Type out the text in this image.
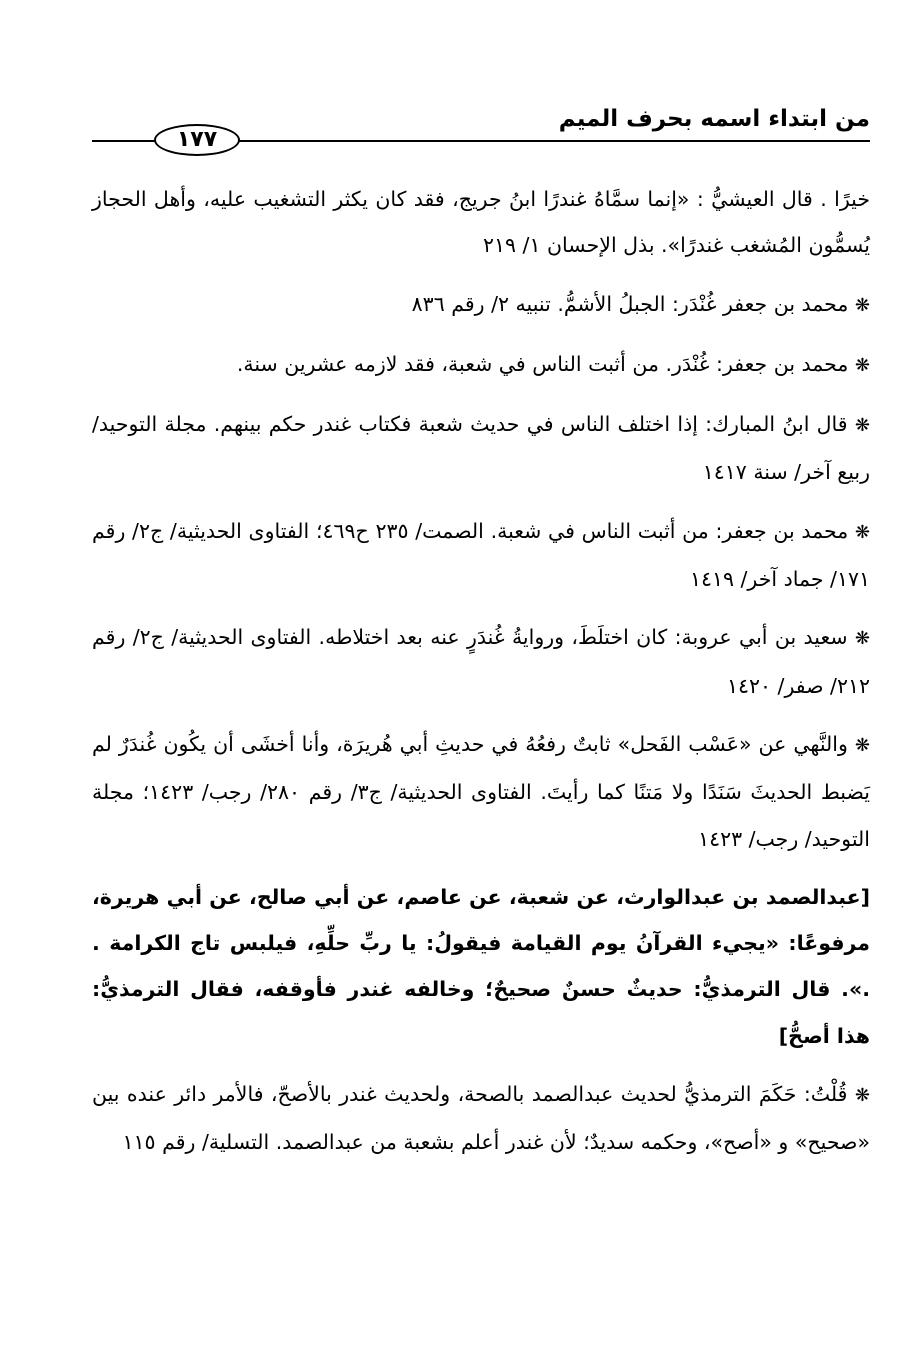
من ابتداء اسمه بحرف الميم
١٧٧

خيرًا . قال العيشيُّ : «إنما سمَّاهُ غندرًا ابنُ جريج، فقد كان يكثر التشغيب عليه، وأهل الحجاز يُسمُّون المُشغب غندرًا». بذل الإحسان ١/ ٢١٩

❋ محمد بن جعفر غُنْدَر: الجبلُ الأشمُّ. تنبيه ٢/ رقم ٨٣٦

❋ محمد بن جعفر: غُنْدَر. من أثبت الناس في شعبة، فقد لازمه عشرين سنة.

❋ قال ابنُ المبارك: إذا اختلف الناس في حديث شعبة فكتاب غندر حكم بينهم. مجلة التوحيد/ ربيع آخر/ سنة ١٤١٧

❋ محمد بن جعفر: من أثبت الناس في شعبة. الصمت/ ٢٣٥ ح٤٦٩؛ الفتاوى الحديثية/ ج٢/ رقم ١٧١/ جماد آخر/ ١٤١٩

❋ سعيد بن أبي عروبة: كان اختلَطَ، وروايةُ غُندَرٍ عنه بعد اختلاطه. الفتاوى الحديثية/ ج٢/ رقم ٢١٢/ صفر/ ١٤٢٠

❋ والنَّهي عن «عَسْب الفَحل» ثابتٌ رفعُهُ في حديثِ أبي هُريرَة، وأنا أخشَى أن يكُون غُندَرٌ لم يَضبط الحديثَ سَنَدًا ولا مَتنًا كما رأيتَ. الفتاوى الحديثية/ ج٣/ رقم ٢٨٠/ رجب/ ١٤٢٣؛ مجلة التوحيد/ رجب/ ١٤٢٣

[عبدالصمد بن عبدالوارث، عن شعبة، عن عاصم، عن أبي صالح، عن أبي هريرة، مرفوعًا: «يجيء القرآنُ يوم القيامة فيقولُ: يا ربِّ حلِّهِ، فيلبس تاج الكرامة . .». قال الترمذيُّ: حديثٌ حسنٌ صحيحٌ؛ وخالفه غندر فأوقفه، فقال الترمذيُّ: هذا أصحُّ]

❋ قُلْتُ: حَكَمَ الترمذيُّ لحديث عبدالصمد بالصحة، ولحديث غندر بالأصحّ، فالأمر دائر عنده بين «صحيح» و «أصح»، وحكمه سديدٌ؛ لأن غندر أعلم بشعبة من عبدالصمد. التسلية/ رقم ١١٥
